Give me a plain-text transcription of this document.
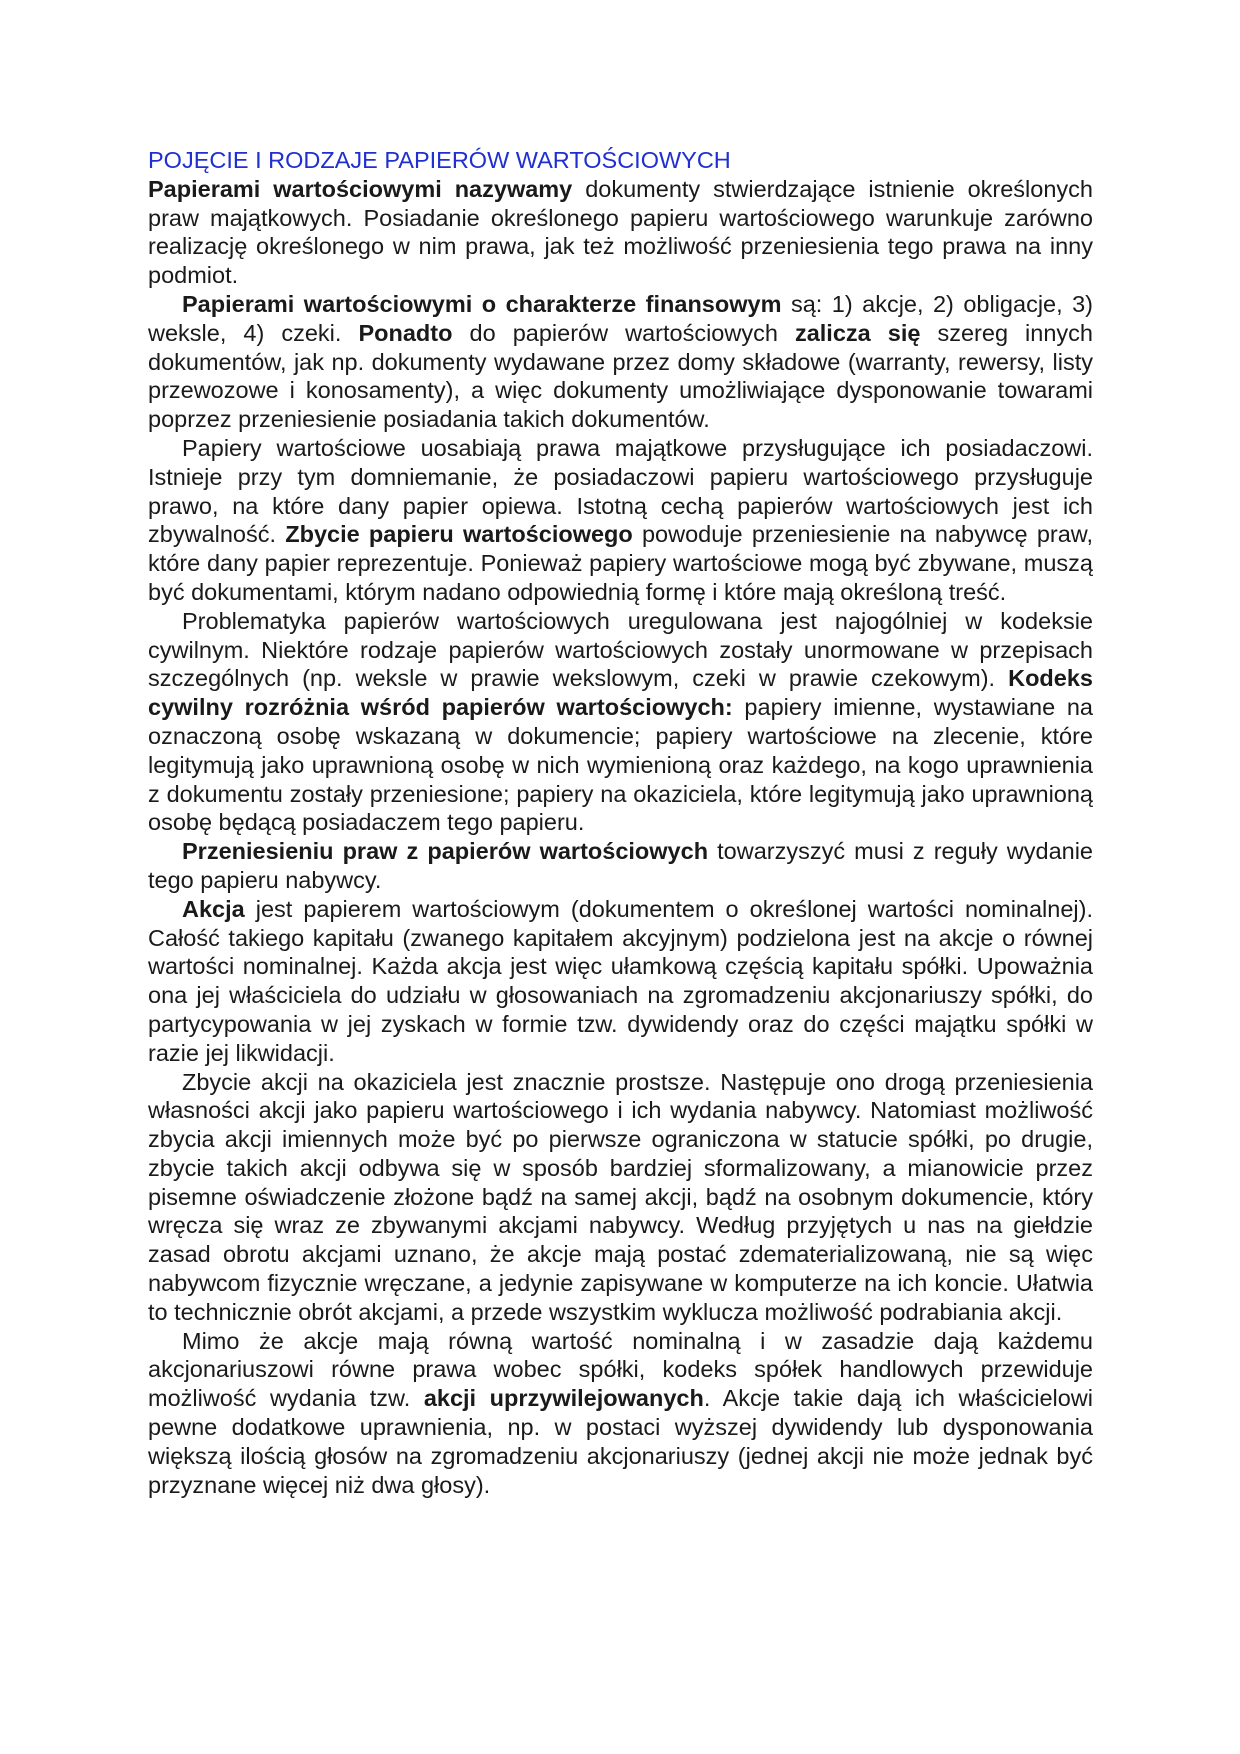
POJĘCIE I RODZAJE PAPIERÓW WARTOŚCIOWYCH

Papierami wartościowymi nazywamy dokumenty stwierdzające istnienie określonych praw majątkowych. Posiadanie określonego papieru wartościowego warunkuje zarówno realizację określonego w nim prawa, jak też możliwość przeniesienia tego prawa na inny podmiot.

Papierami wartościowymi o charakterze finansowym są: 1) akcje, 2) obligacje, 3) weksle, 4) czeki. Ponadto do papierów wartościowych zalicza się szereg innych dokumentów, jak np. dokumenty wydawane przez domy składowe (warranty, rewersy, listy przewozowe i konosamenty), a więc dokumenty umożliwiające dysponowanie towarami poprzez przeniesienie posiadania takich dokumentów.

Papiery wartościowe uosabiają prawa majątkowe przysługujące ich posiadaczowi. Istnieje przy tym domniemanie, że posiadaczowi papieru wartościowego przysługuje prawo, na które dany papier opiewa. Istotną cechą papierów wartościowych jest ich zbywalność. Zbycie papieru wartościowego powoduje przeniesienie na nabywcę praw, które dany papier reprezentuje. Ponieważ papiery wartościowe mogą być zbywane, muszą być dokumentami, którym nadano odpowiednią formę i które mają określoną treść.

Problematyka papierów wartościowych uregulowana jest najogólniej w kodeksie cywilnym. Niektóre rodzaje papierów wartościowych zostały unormowane w przepisach szczególnych (np. weksle w prawie wekslowym, czeki w prawie czekowym). Kodeks cywilny rozróżnia wśród papierów wartościowych: papiery imienne, wystawiane na oznaczoną osobę wskazaną w dokumencie; papiery wartościowe na zlecenie, które legitymują jako uprawnioną osobę w nich wymienioną oraz każdego, na kogo uprawnienia z dokumentu zostały przeniesione; papiery na okaziciela, które legitymują jako uprawnioną osobę będącą posiadaczem tego papieru.

Przeniesieniu praw z papierów wartościowych towarzyszyć musi z reguły wydanie tego papieru nabywcy.

Akcja jest papierem wartościowym (dokumentem o określonej wartości nominalnej). Całość takiego kapitału (zwanego kapitałem akcyjnym) podzielona jest na akcje o równej wartości nominalnej. Każda akcja jest więc ułamkową częścią kapitału spółki. Upoważnia ona jej właściciela do udziału w głosowaniach na zgromadzeniu akcjonariuszy spółki, do partycypowania w jej zyskach w formie tzw. dywidendy oraz do części majątku spółki w razie jej likwidacji.

Zbycie akcji na okaziciela jest znacznie prostsze. Następuje ono drogą przeniesienia własności akcji jako papieru wartościowego i ich wydania nabywcy. Natomiast możliwość zbycia akcji imiennych może być po pierwsze ograniczona w statucie spółki, po drugie, zbycie takich akcji odbywa się w sposób bardziej sformalizowany, a mianowicie przez pisemne oświadczenie złożone bądź na samej akcji, bądź na osobnym dokumencie, który wręcza się wraz ze zbywanymi akcjami nabywcy. Według przyjętych u nas na giełdzie zasad obrotu akcjami uznano, że akcje mają postać zdematerializowaną, nie są więc nabywcom fizycznie wręczane, a jedynie zapisywane w komputerze na ich koncie. Ułatwia to technicznie obrót akcjami, a przede wszystkim wyklucza możliwość podrabiania akcji.

Mimo że akcje mają równą wartość nominalną i w zasadzie dają każdemu akcjonariuszowi równe prawa wobec spółki, kodeks spółek handlowych przewiduje możliwość wydania tzw. akcji uprzywilejowanych. Akcje takie dają ich właścicielowi pewne dodatkowe uprawnienia, np. w postaci wyższej dywidendy lub dysponowania większą ilością głosów na zgromadzeniu akcjonariuszy (jednej akcji nie może jednak być przyznane więcej niż dwa głosy).
